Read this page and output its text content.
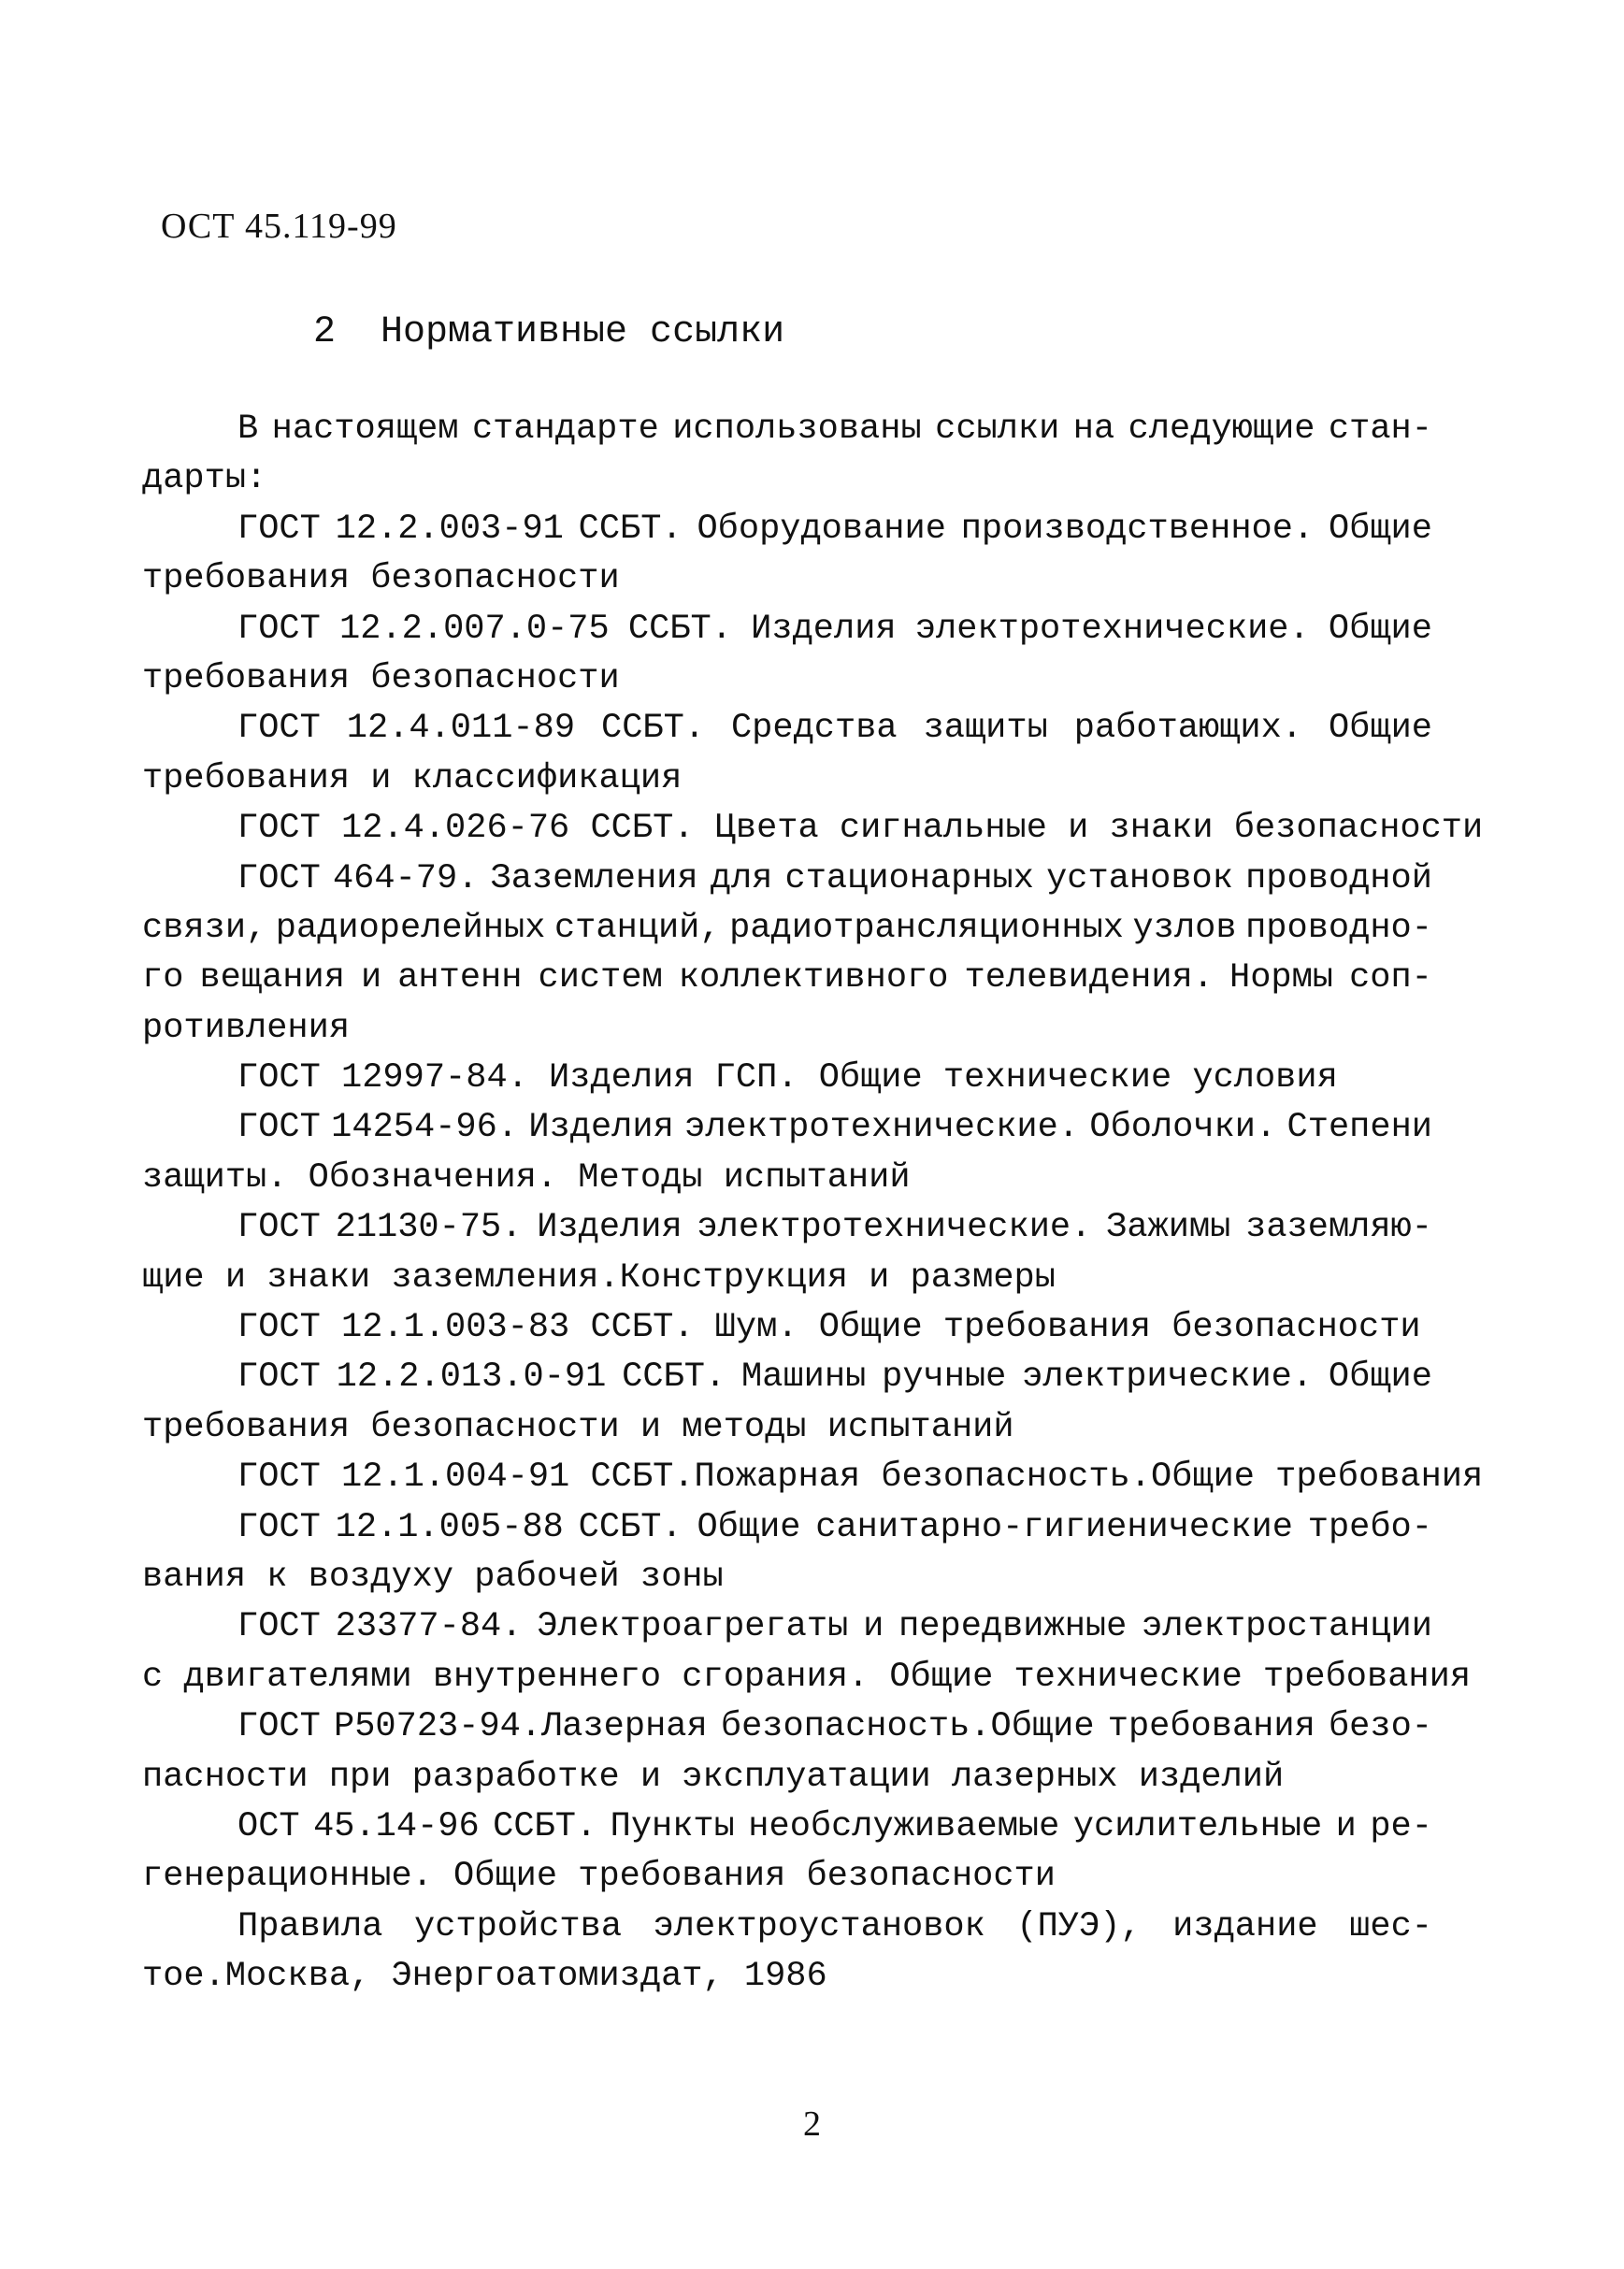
ОСТ 45.119-99
2  Нормативные ссылки
В настоящем стандарте использованы ссылки на следующие стан-
дарты:
ГОСТ 12.2.003-91 ССБТ. Оборудование производственное. Общие
требования безопасности
ГОСТ 12.2.007.0-75 ССБТ. Изделия электротехнические. Общие
требования безопасности
ГОСТ 12.4.011-89 ССБТ. Средства защиты работающих. Общие
требования и классификация
ГОСТ 12.4.026-76 ССБТ. Цвета сигнальные и знаки безопасности
ГОСТ 464-79. Заземления для стационарных установок проводной
связи, радиорелейных станций, радиотрансляционных узлов проводно-
го вещания и антенн систем коллективного телевидения. Нормы соп-
ротивления
ГОСТ 12997-84. Изделия ГСП. Общие технические условия
ГОСТ 14254-96. Изделия электротехнические. Оболочки. Степени
защиты. Обозначения. Методы испытаний
ГОСТ 21130-75. Изделия электротехнические. Зажимы заземляю-
щие и знаки заземления.Конструкция и размеры
ГОСТ 12.1.003-83 ССБТ. Шум. Общие требования безопасности
ГОСТ 12.2.013.0-91 ССБТ. Машины ручные электрические. Общие
требования безопасности и методы испытаний
ГОСТ 12.1.004-91 ССБТ.Пожарная безопасность.Общие требования
ГОСТ 12.1.005-88 ССБТ. Общие санитарно-гигиенические требо-
вания к воздуху рабочей зоны
ГОСТ 23377-84. Электроагрегаты и передвижные электростанции
с двигателями внутреннего сгорания. Общие технические требования
ГОСТ Р50723-94.Лазерная безопасность.Общие требования безо-
пасности при разработке и эксплуатации лазерных изделий
ОСТ 45.14-96 ССБТ. Пункты необслуживаемые усилительные и ре-
генерационные. Общие требования безопасности
Правила устройства электроустановок (ПУЭ), издание шес-
тое.Москва, Энергоатомиздат, 1986
2
